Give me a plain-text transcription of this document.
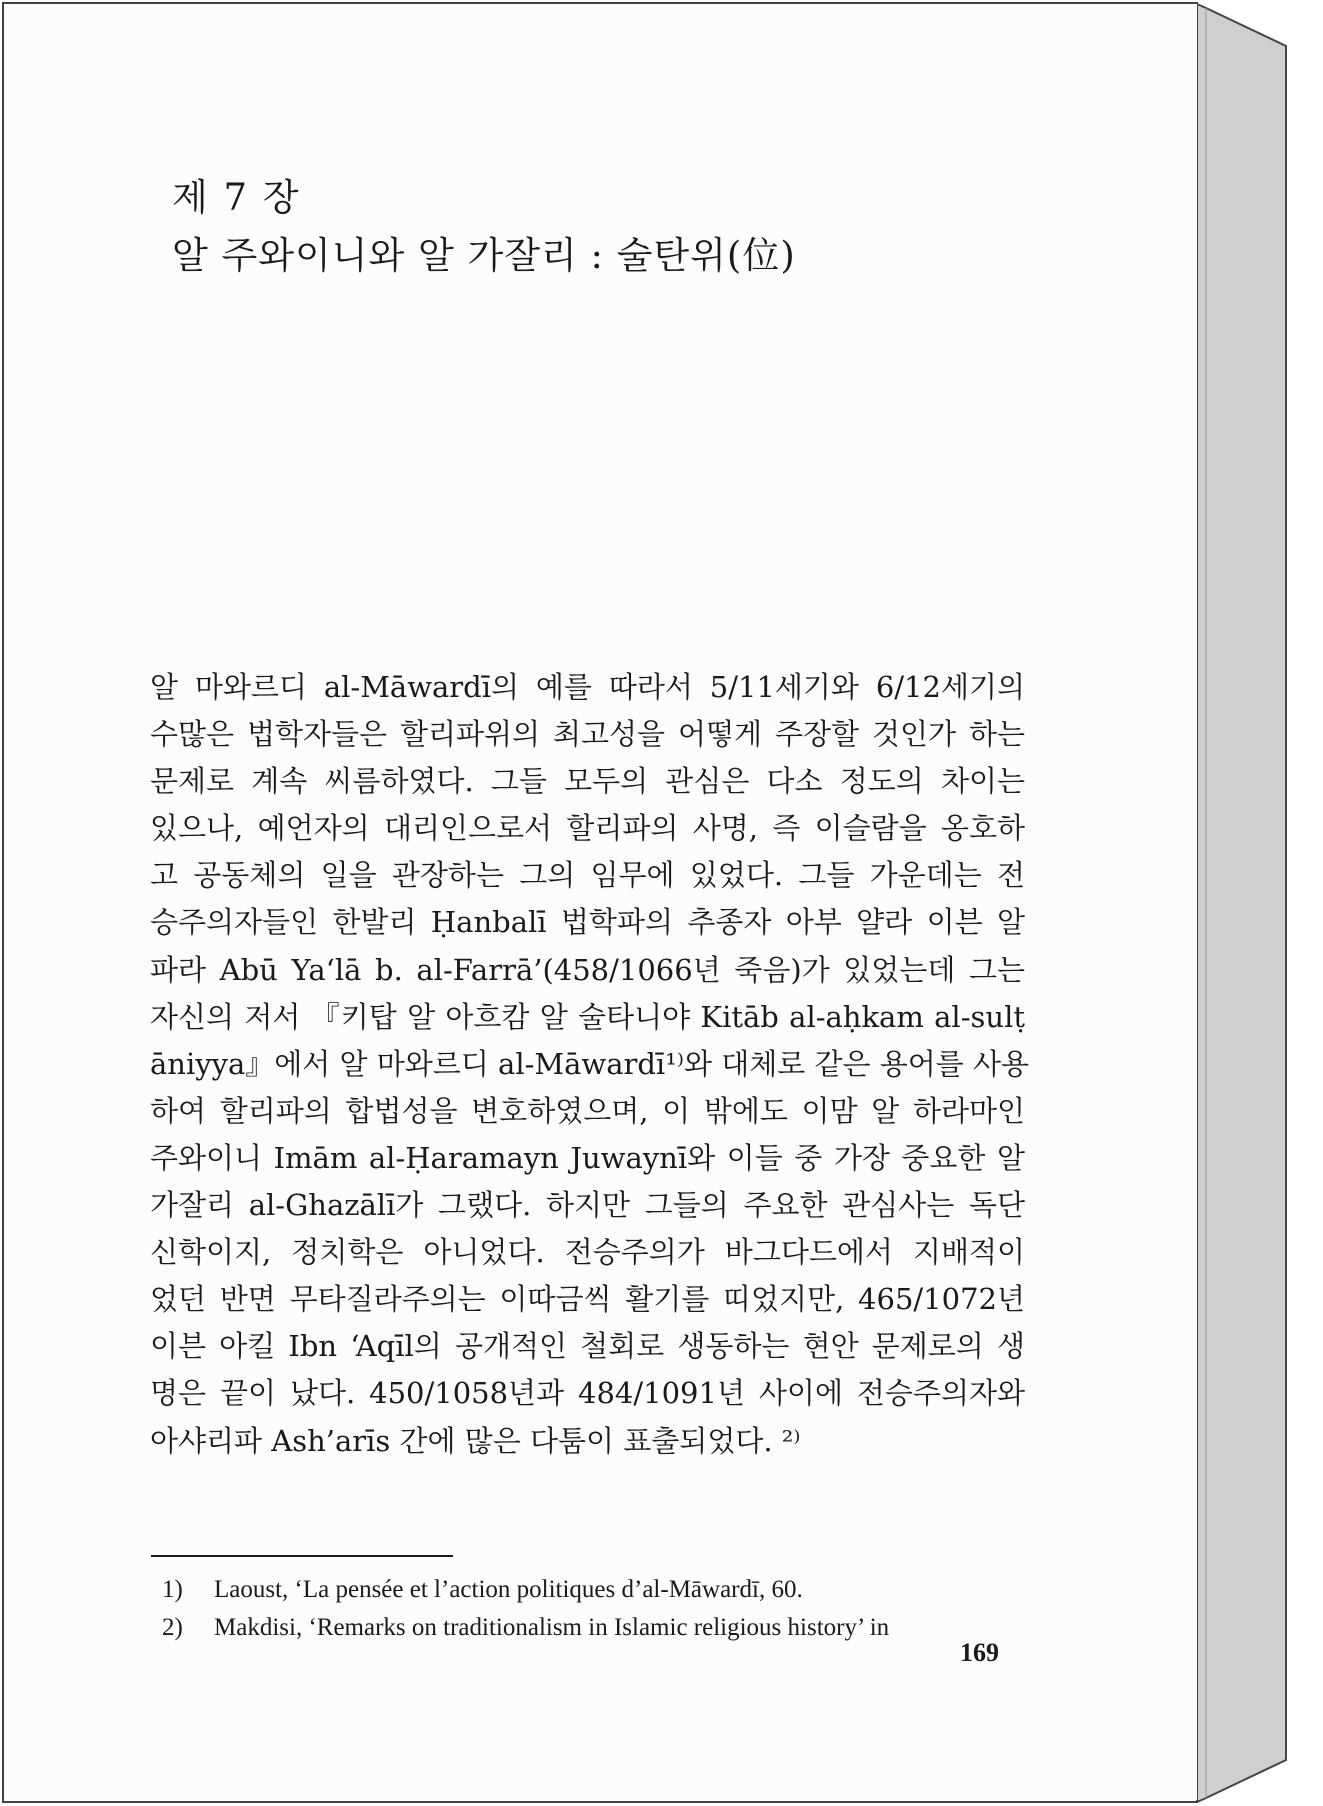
제 7 장
알 주와이니와 알 가잘리 : 술탄위(位)
알 마와르디 al-Māwardī의 예를 따라서 5/11세기와 6/12세기의
수많은 법학자들은 할리파위의 최고성을 어떻게 주장할 것인가 하는
문제로 계속 씨름하였다. 그들 모두의 관심은 다소 정도의 차이는
있으나, 예언자의 대리인으로서 할리파의 사명, 즉 이슬람을 옹호하
고 공동체의 일을 관장하는 그의 임무에 있었다. 그들 가운데는 전
승주의자들인 한발리 Ḥanbalī 법학파의 추종자 아부 얄라 이븐 알
파라 Abū Ya‘lā b. al-Farrā’(458/1066년 죽음)가 있었는데 그는
자신의 저서 『키탑 알 아흐캄 알 술타니야 Kitāb al-aḥkam al-sulṭ
āniyya』에서 알 마와르디 al-Māwardī¹⁾와 대체로 같은 용어를 사용
하여 할리파의 합법성을 변호하였으며, 이 밖에도 이맘 알 하라마인
주와이니 Imām al-Ḥaramayn Juwaynī와 이들 중 가장 중요한 알
가잘리 al-Ghazālī가 그랬다. 하지만 그들의 주요한 관심사는 독단
신학이지, 정치학은 아니었다. 전승주의가 바그다드에서 지배적이
었던 반면 무타질라주의는 이따금씩 활기를 띠었지만, 465/1072년
이븐 아킬 Ibn ‘Aqīl의 공개적인 철회로 생동하는 현안 문제로의 생
명은 끝이 났다. 450/1058년과 484/1091년 사이에 전승주의자와
아샤리파 Ash’arīs 간에 많은 다툼이 표출되었다. ²⁾
1) Laoust, ‘La pensée et l’action politiques d’al-Māwardī, 60.
2) Makdisi, ‘Remarks on traditionalism in Islamic religious history’ in
169
